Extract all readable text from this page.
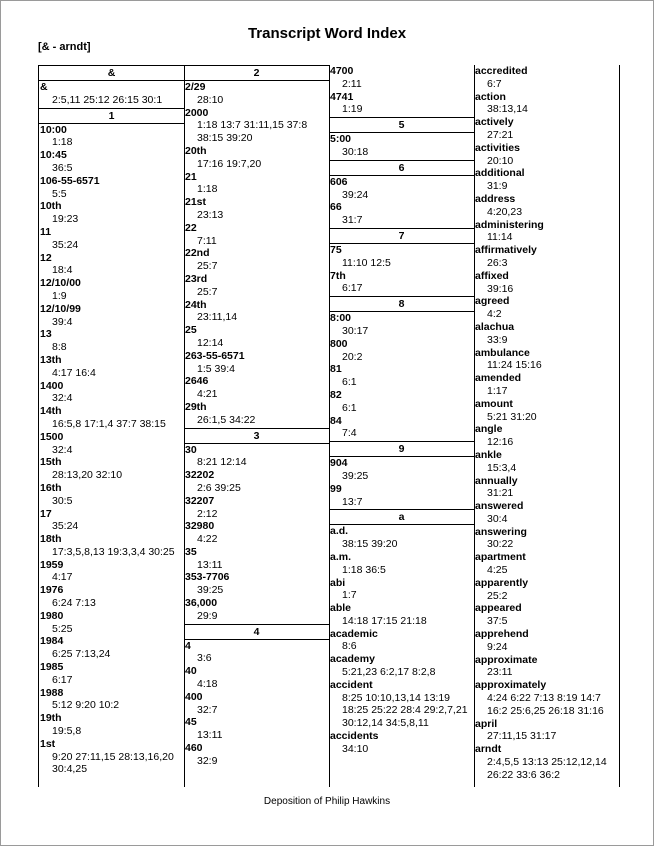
Transcript Word Index
[& - arndt]
&
&
2:5,11 25:12 26:15 30:1
1
10:00
1:18
10:45
36:5
106-55-6571
5:5
10th
19:23
11
35:24
12
18:4
12/10/00
1:9
12/10/99
39:4
13
8:8
13th
4:17 16:4
1400
32:4
14th
16:5,8 17:1,4 37:7 38:15
1500
32:4
15th
28:13,20 32:10
16th
30:5
17
35:24
18th
17:3,5,8,13 19:3,3,4 30:25
1959
4:17
1976
6:24 7:13
1980
5:25
1984
6:25 7:13,24
1985
6:17
1988
5:12 9:20 10:2
19th
19:5,8
1st
9:20 27:11,15 28:13,16,20
30:4,25
2
2/29
28:10
2000
1:18 13:7 31:11,15 37:8
38:15 39:20
20th
17:16 19:7,20
21
1:18
21st
23:13
22
7:11
22nd
25:7
23rd
25:7
24th
23:11,14
25
12:14
263-55-6571
1:5 39:4
2646
4:21
29th
26:1,5 34:22
3
30
8:21 12:14
32202
2:6 39:25
32207
2:12
32980
4:22
35
13:11
353-7706
39:25
36,000
29:9
4
4
3:6
40
4:18
400
32:7
45
13:11
460
32:9
4700
2:11
4741
1:19
5
5:00
30:18
6
606
39:24
66
31:7
7
75
11:10 12:5
7th
6:17
8
8:00
30:17
800
20:2
81
6:1
82
6:1
84
7:4
9
904
39:25
99
13:7
a
a.d.
38:15 39:20
a.m.
1:18 36:5
abi
1:7
able
14:18 17:15 21:18
academic
8:6
academy
5:21,23 6:2,17 8:2,8
accident
8:25 10:10,13,14 13:19
18:25 25:22 28:4 29:2,7,21
30:12,14 34:5,8,11
accidents
34:10
accredited
6:7
action
38:13,14
actively
27:21
activities
20:10
additional
31:9
address
4:20,23
administering
11:14
affirmatively
26:3
affixed
39:16
agreed
4:2
alachua
33:9
ambulance
11:24 15:16
amended
1:17
amount
5:21 31:20
angle
12:16
ankle
15:3,4
annually
31:21
answered
30:4
answering
30:22
apartment
4:25
apparently
25:2
appeared
37:5
apprehend
9:24
approximate
23:11
approximately
4:24 6:22 7:13 8:19 14:7
16:2 25:6,25 26:18 31:16
april
27:11,15 31:17
arndt
2:4,5,5 13:13 25:12,12,14
26:22 33:6 36:2
Deposition of Philip Hawkins
